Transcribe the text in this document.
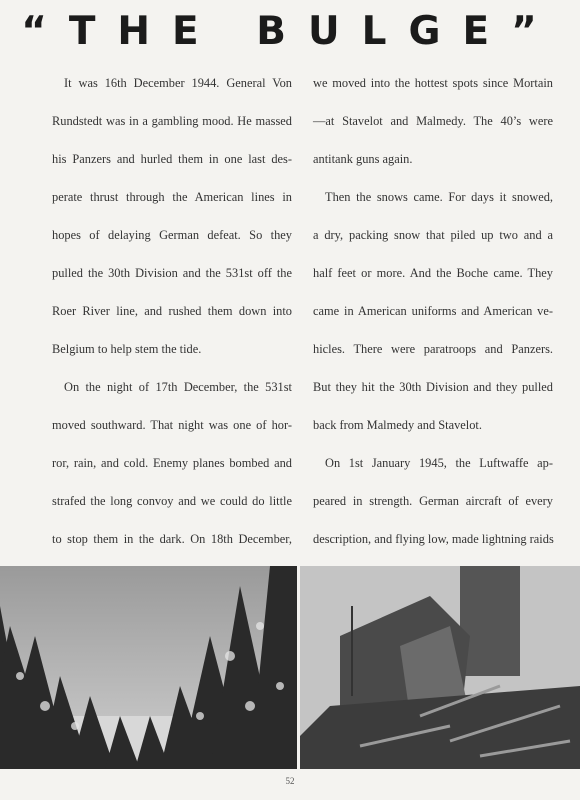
“THE BULGE”
It was 16th December 1944. General Von
Rundstedt was in a gambling mood. He massed
his Panzers and hurled them in one last des-
perate thrust through the American lines in
hopes of delaying German defeat. So they
pulled the 30th Division and the 531st off the
Roer River line, and rushed them down into
Belgium to help stem the tide.
On the night of 17th December, the 531st
moved southward. That night was one of hor-
ror, rain, and cold. Enemy planes bombed and
strafed the long convoy and we could do little
to stop them in the dark. On 18th December,
we moved into the hottest spots since Mortain
—at Stavelot and Malmedy. The 40’s were
antitank guns again.
Then the snows came. For days it snowed,
a dry, packing snow that piled up two and a
half feet or more. And the Boche came. They
came in American uniforms and American ve-
hicles. There were paratroops and Panzers.
But they hit the 30th Division and they pulled
back from Malmedy and Stavelot.
On 1st January 1945, the Luftwaffe ap-
peared in strength. German aircraft of every
description, and flying low, made lightning raids
52
